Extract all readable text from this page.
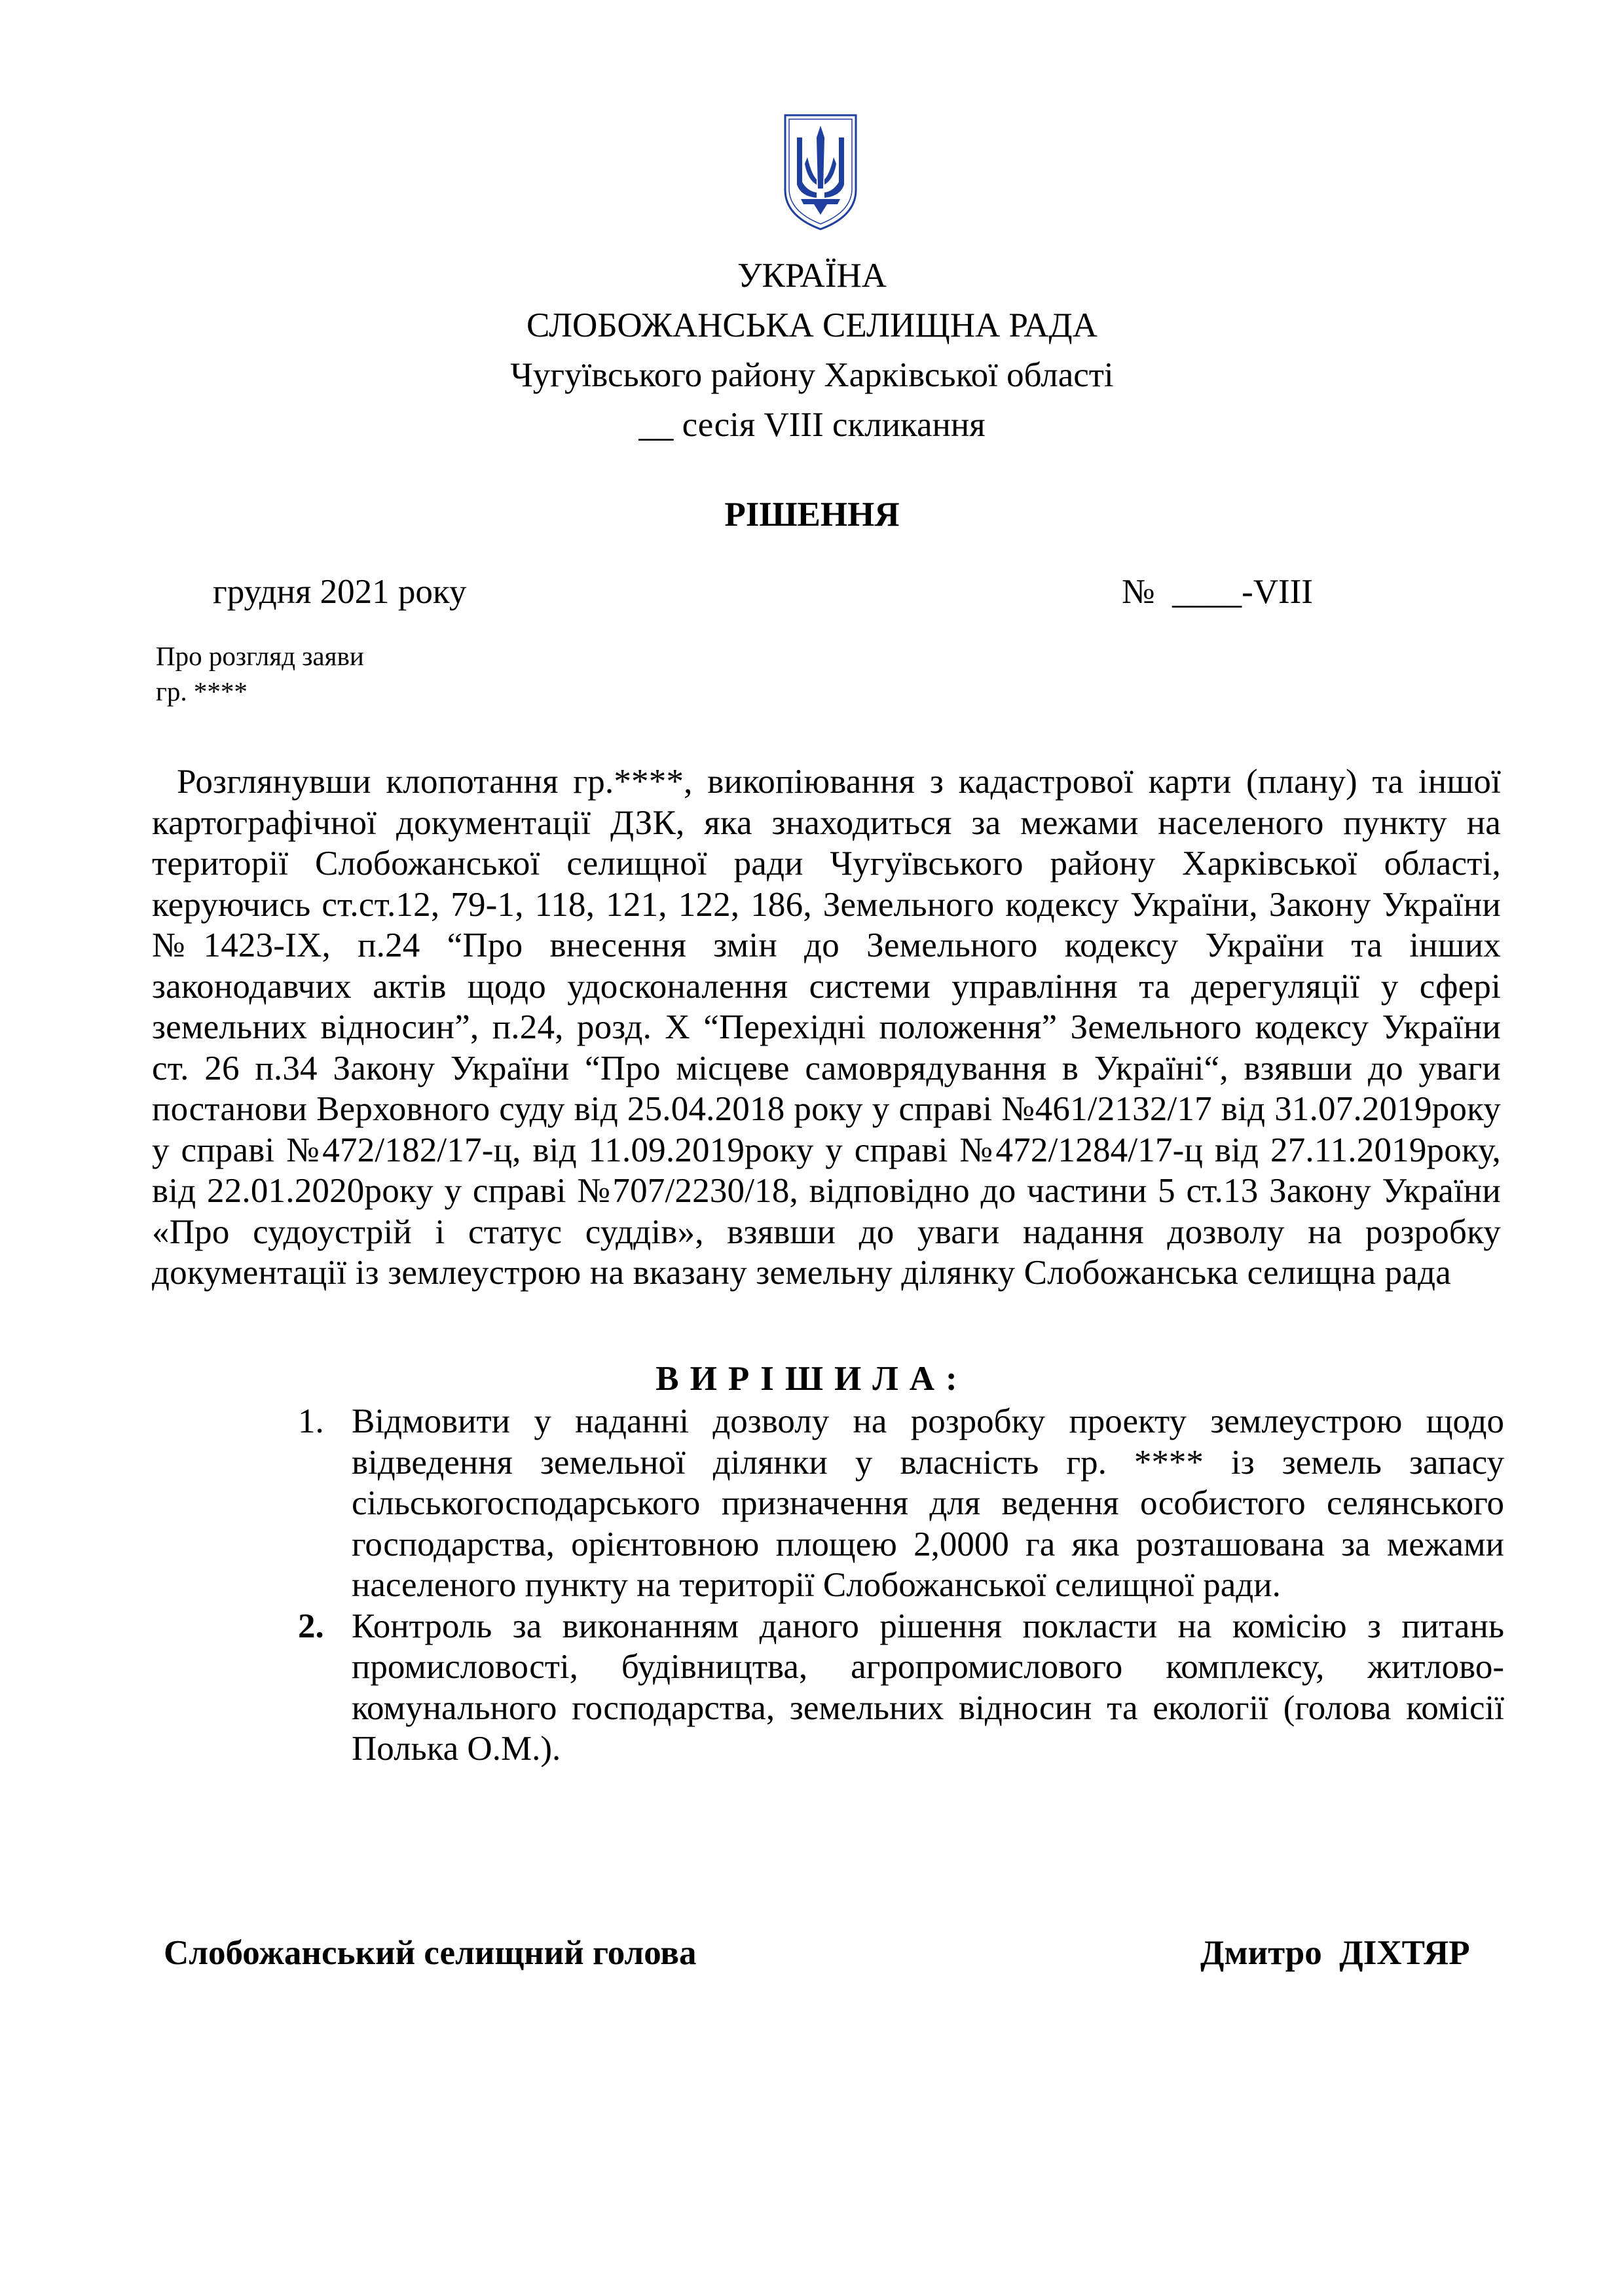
УКРАЇНА
СЛОБОЖАНСЬКА СЕЛИЩНА РАДА
Чугуївського району Харківської області
__ сесія VIII скликання
РІШЕННЯ
грудня 2021 року	№  ____-VIII
Про розгляд заяви
гр. ****
Розглянувши клопотання гр.****, викопіювання з кадастрової карти (плану) та іншої картографічної документації ДЗК, яка знаходиться за межами населеного пункту на території Слобожанської селищної ради Чугуївського району Харківської області, керуючись ст.ст.12, 79-1, 118, 121, 122, 186, Земельного кодексу України, Закону України №1423-IX, п.24 “Про внесення змін до Земельного кодексу України та інших законодавчих актів щодо удосконалення системи управління та дерегуляції у сфері земельних відносин”, п.24, розд. X “Перехідні положення” Земельного кодексу України ст. 26 п.34 Закону України “Про місцеве самоврядування в Україні“, взявши до уваги постанови Верховного суду від 25.04.2018 року у справі №461/2132/17 від 31.07.2019року у справі №472/182/17-ц, від 11.09.2019року у справі №472/1284/17-ц від 27.11.2019року, від 22.01.2020року у справі №707/2230/18, відповідно до частини 5 ст.13 Закону України «Про судоустрій і статус суддів», взявши до уваги надання дозволу на розробку документації із землеустрою на вказану земельну ділянку Слобожанська селищна рада
ВИРІШИЛА:
1. Відмовити у наданні дозволу на розробку проекту землеустрою щодо відведення земельної ділянки у власність гр. **** із земель запасу сільськогосподарського призначення для ведення особистого селянського господарства, орієнтовною площею 2,0000 га яка розташована за межами населеного пункту на території Слобожанської селищної ради.
2. Контроль за виконанням даного рішення покласти на комісію з питань промисловості, будівництва, агропромислового комплексу, житлово-комунального господарства, земельних відносин та екології (голова комісії Полька О.М.).
Слобожанський селищний голова	Дмитро  ДІХТЯР
